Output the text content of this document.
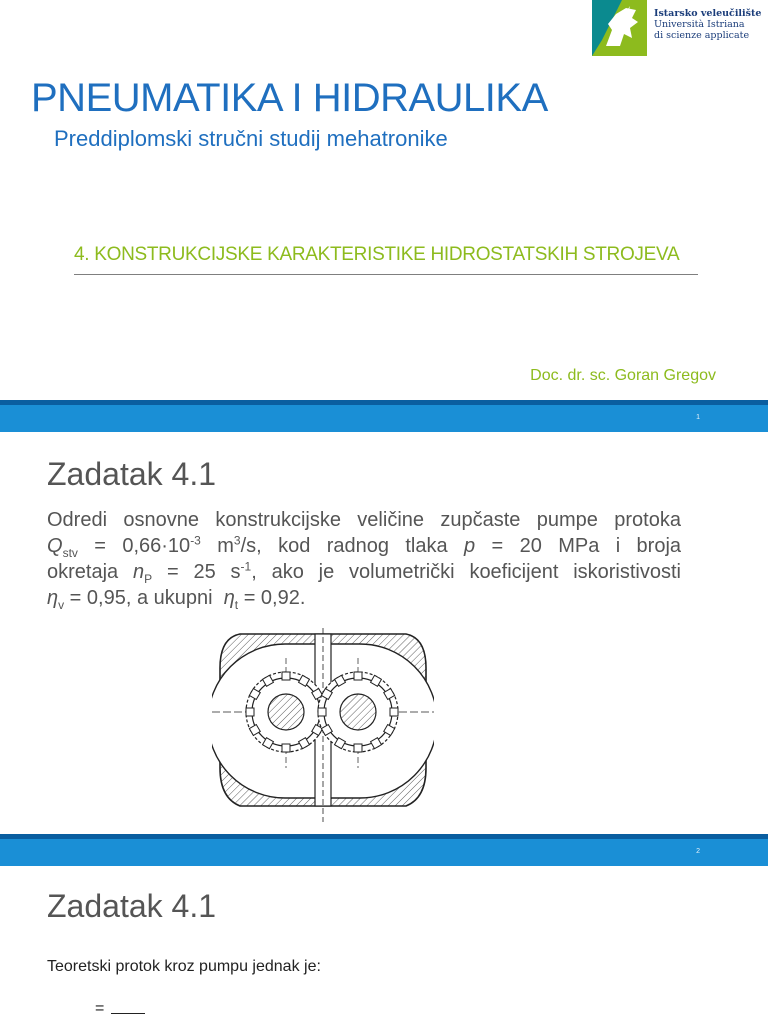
Istarsko veleučilište
Università Istriana
di scienze applicate
PNEUMATIKA I HIDRAULIKA
Preddiplomski stručni studij mehatronike
4. KONSTRUKCIJSKE KARAKTERISTIKE HIDROSTATSKIH STROJEVA
Doc. dr. sc. Goran Gregov
1
Zadatak 4.1
Odredi osnovne konstrukcijske veličine zupčaste pumpe protoka
$Q_{stv} = 0,66\cdot 10^{-3}$ $m^3/s$, kod radnog tlaka p = 20 MPa i broja
okretaja $n_P = 25$ $s^{-1}$, ako je volumetrički koeficijent iskoristivosti
$\eta_v = 0,95$, a ukupni  $\eta_t = 0,92$.
2
Zadatak 4.1
Teoretski protok kroz pumpu jednak je:
=
